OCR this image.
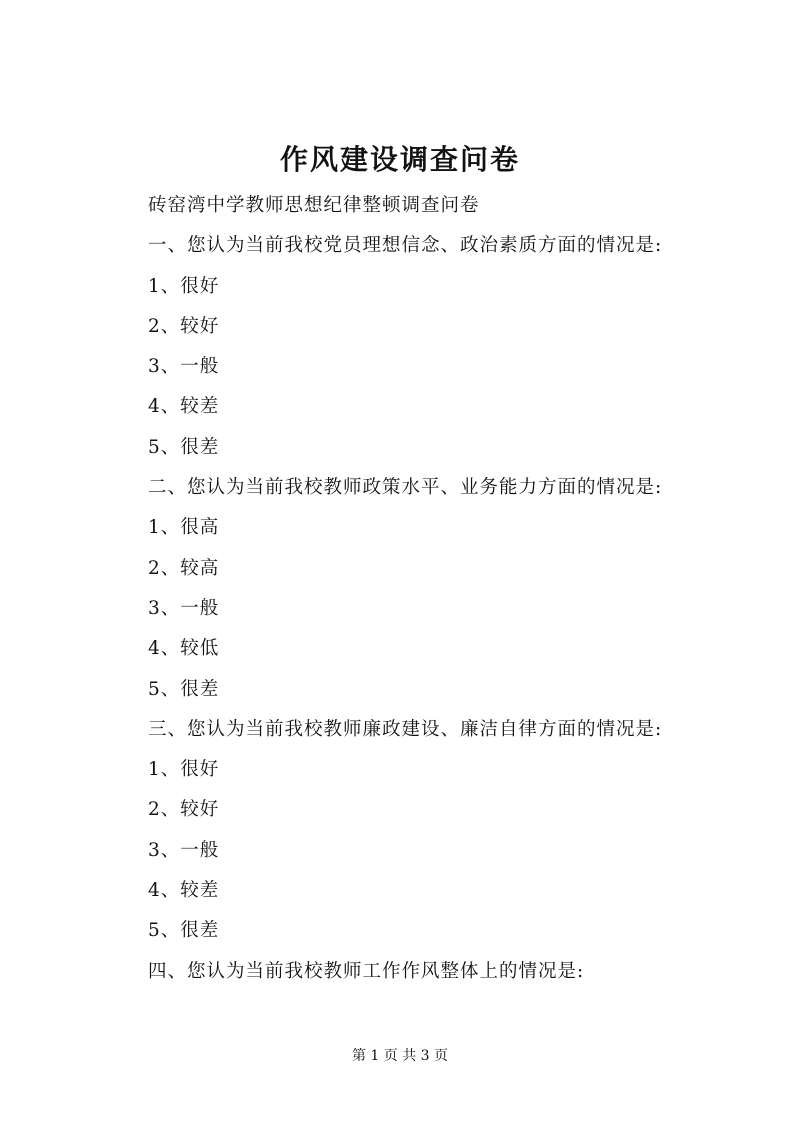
作风建设调查问卷
砖窑湾中学教师思想纪律整顿调查问卷
一、您认为当前我校党员理想信念、政治素质方面的情况是:
1、很好
2、较好
3、一般
4、较差
5、很差
二、您认为当前我校教师政策水平、业务能力方面的情况是:
1、很高
2、较高
3、一般
4、较低
5、很差
三、您认为当前我校教师廉政建设、廉洁自律方面的情况是:
1、很好
2、较好
3、一般
4、较差
5、很差
四、您认为当前我校教师工作作风整体上的情况是:
第 1 页 共 3 页
